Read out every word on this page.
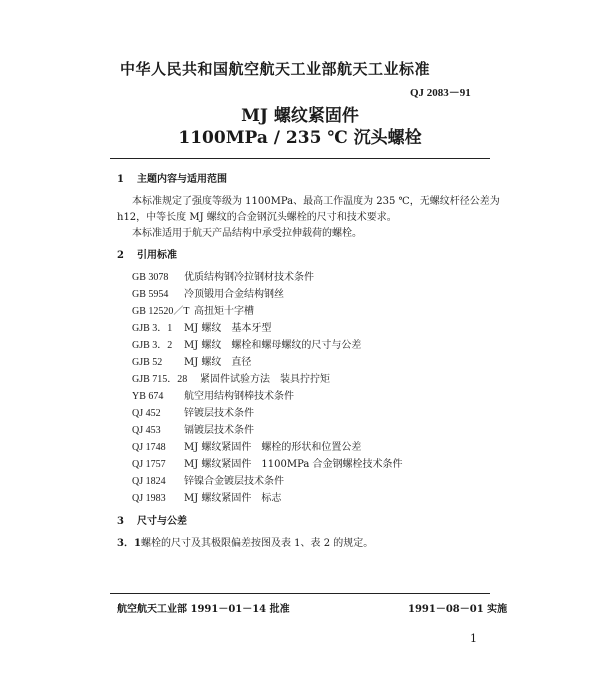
中华人民共和国航空航天工业部航天工业标准
QJ 2083－91
MJ 螺纹紧固件
1100MPa / 235 ℃ 沉头螺栓
1 主题内容与适用范围
本标准规定了强度等级为 1100MPa、最高工作温度为 235 ℃，无螺纹杆径公差为
h12，中等长度 MJ 螺纹的合金钢沉头螺栓的尺寸和技术要求。
本标准适用于航天产品结构中承受拉伸载荷的螺栓。
2 引用标准
GB 3078 优质结构钢冷拉钢材技术条件
GB 5954 冷顶锻用合金结构钢丝
GB 12520／T 高扭矩十字槽
GJB 3．1 MJ 螺纹　基本牙型
GJB 3．2 MJ 螺纹　螺栓和螺母螺纹的尺寸与公差
GJB 52 MJ 螺纹　直径
GJB 715．28 紧固件试验方法　装具拧拧矩
YB 674 航空用结构钢棒技术条件
QJ 452 锌镀层技术条件
QJ 453 镉镀层技术条件
QJ 1748 MJ 螺纹紧固件　螺栓的形状和位置公差
QJ 1757 MJ 螺纹紧固件　1100MPa 合金钢螺栓技术条件
QJ 1824 锌镍合金镀层技术条件
QJ 1983 MJ 螺纹紧固件　标志
3 尺寸与公差
3．1螺栓的尺寸及其极限偏差按图及表 1、表 2 的规定。
航空航天工业部 1991－01－14 批准	1991－08－01 实施
1
